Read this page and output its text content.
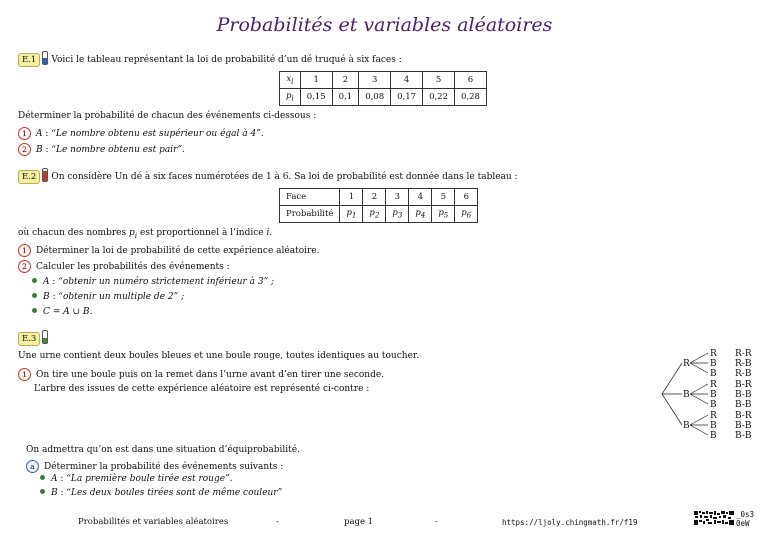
Probabilités et variables aléatoires
E.1 Voici le tableau représentant la loi de probabilité d’un dé truqué à six faces :
$x_i$	1	2	3	4	5	6
$p_i$	0,15	0,1	0,08	0,17	0,22	0,28
Déterminer la probabilité de chacun des événements ci-dessous :
1 A : “Le nombre obtenu est supérieur ou égal à 4”.
2 B : “Le nombre obtenu est pair”.
E.2 On considère Un dé à six faces numérotées de 1 à 6. Sa loi de probabilité est donnée dans le tableau :
Face	1	2	3	4	5	6
Probabilité	$p_1$	$p_2$	$p_3$	$p_4$	$p_5$	$p_6$
où chacun des nombres $p_i$ est proportionnel à l’indice i.
1 Déterminer la loi de probabilité de cette expérience aléatoire.
2 Calculer les probabilités des événements :
A : “obtenir un numéro strictement inférieur à 3” ;
B : “obtenir un multiple de 2” ;
C = A ∪ B.
E.3
Une urne contient deux boules bleues et une boule rouge, toutes identiques au toucher.
1 On tire une boule puis on la remet dans l’urne avant d’en tirer une seconde.
L’arbre des issues de cette expérience aléatoire est représenté ci-contre :
R
B
B
R
B
B
R
B
B
R
B
B
R-R
R-B
R-B
B-R
B-B
B-B
B-R
B-B
B-B
On admettra qu’on est dans une situation d’équiprobabilité.
a Déterminer la probabilité des événements suivants :
A : “La première boule tirée est rouge”.
B : “Les deux boules tirées sont de même couleur”
Probabilités et variables aléatoires	-	page 1	-	https://ljoly.chingmath.fr/f19
_0s3
0eW
